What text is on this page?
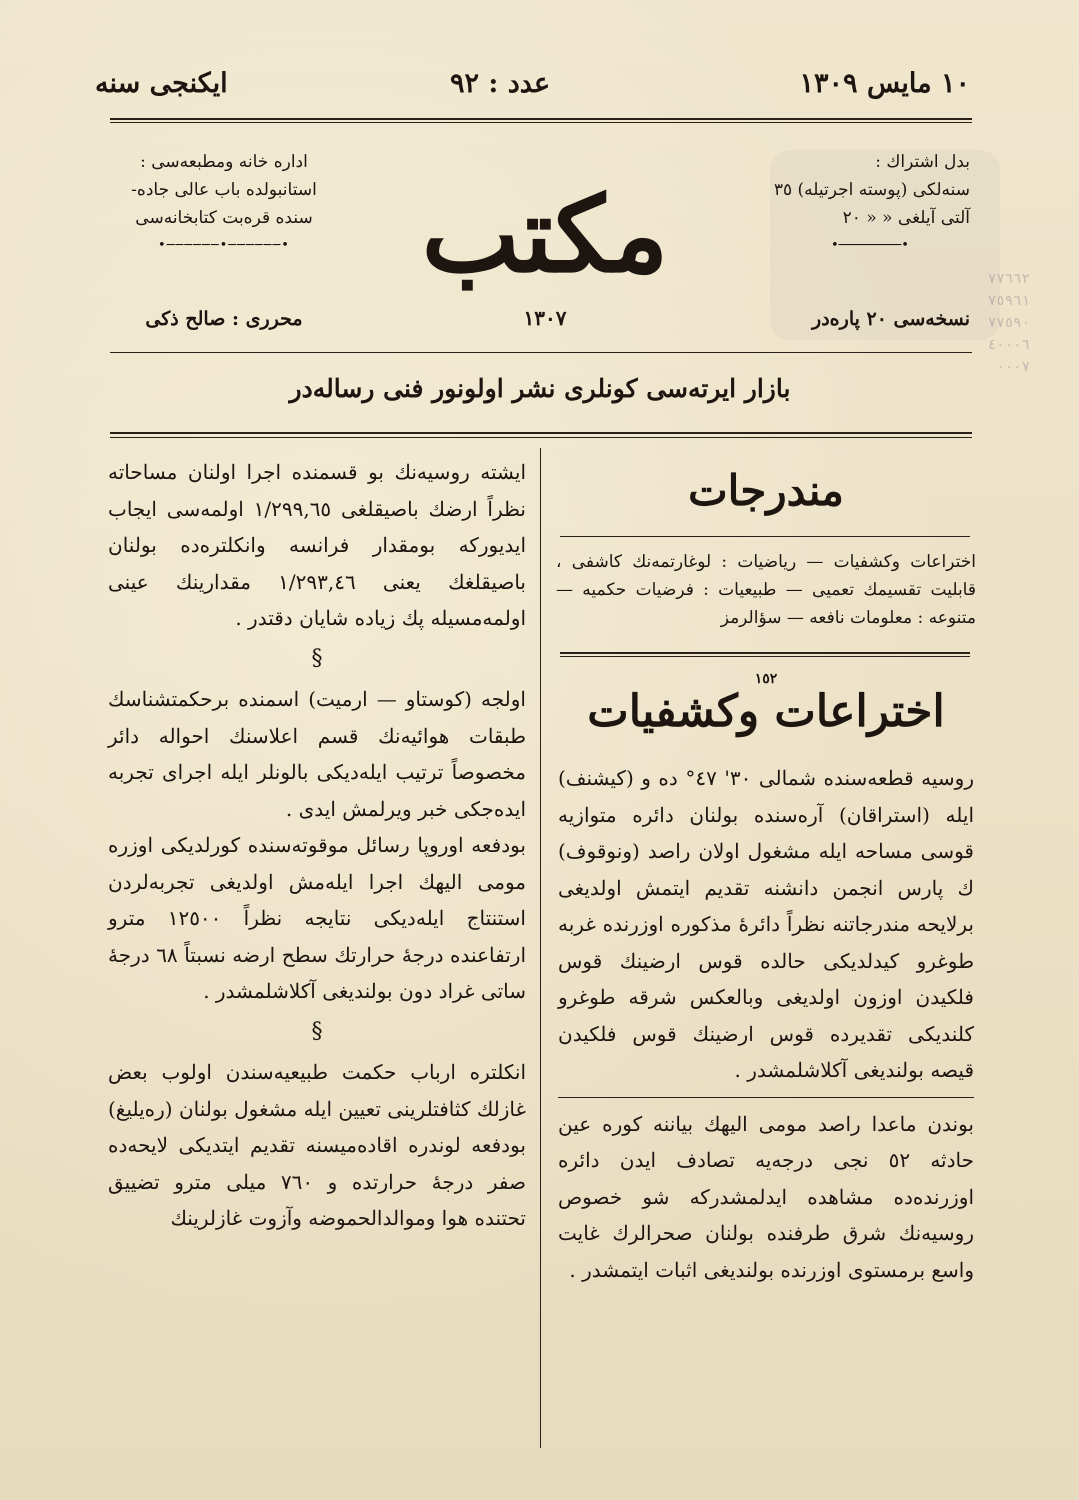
١٠ مايس ١٣٠٩
عدد : ٩٢
ايكنجى سنه
اداره خانه ومطبعه‌سى :
استانبولده باب عالى جاده-
سنده قره‌بت كتابخانه‌سى
•──────•──────•
محررى : صالح ذكى
بدل اشتراك :
سنه‌لكى (پوسته اجرتيله) ٣٥
آلتى آيلغى « « ٢٠
•────────•
نسخه‌سى ٢٠ پاره‌در
٧٧٦٦٢
٧٥٩٦١
٧٧٥٩٠
٤٠٠٠٦
٠٠٠٧
مكتب
١٣٠٧
بازار ايرته‌سى كونلرى نشر اولونور فنى رساله‌در
مندرجات
اختراعات وكشفيات — رياضيات : لوغارتمه‌نك كاشفى ، قابليت تقسيمك تعميى — طبيعيات : فرضيات حكميه — متنوعه : معلومات نافعه — سؤالرمز
١٥٢
اختراعات وكشفيات

روسيه قطعه‌سنده شمالى ٣٠' ٤٧° ده و (كيشنف) ايله (استراقان) آره‌سنده بولنان دائره متوازيه قوسى مساحه ايله مشغول اولان راصد (ونوقوف) ك پارس انجمن دانشنه تقديم ايتمش اولديغى برلايحه مندرجاتنه نظراً دائرهٔ مذكوره اوزرنده غربه طوغرو كيدلديكى حالده قوس ارضينك قوس فلكيدن اوزون اولديغى وبالعكس شرقه طوغرو كلنديكى تقديرده قوس ارضينك قوس فلكيدن قيصه بولنديغى آكلاشلمشدر .

بوندن ماعدا راصد مومى اليهك بياننه كوره عين حادثه ٥٢ نجى درجه‌يه تصادف ايدن دائره اوزرنده‌ده مشاهده ايدلمشدركه شو خصوص روسيه‌نك شرق طرفنده بولنان صحرالرك غايت واسع برمستوى اوزرنده بولنديغى اثبات ايتمشدر .

ايشته روسيه‌نك بو قسمنده اجرا اولنان مساحاته نظراً ارضك باصيقلغى ١/٢٩٩,٦٥ اولمه‌سى ايجاب ايديوركه بومقدار فرانسه وانكلتره‌ده بولنان باصيقلغك يعنى ١/٢٩٣,٤٦ مقدارينك عينى اولمه‌مسيله پك زياده شايان دقتدر .

§

اولجه (كوستاو — ارميت) اسمنده برحكمتشناسك طبقات هوائيه‌نك قسم اعلاسنك احواله دائر مخصوصاً ترتيب ايله‌ديكى بالونلر ايله اجراى تجربه ايده‌جكى خبر ويرلمش ايدى .

بودفعه اوروپا رسائل موقوته‌سنده كورلديكى اوزره مومى اليهك اجرا ايله‌مش اولديغى تجربه‌لردن استنتاج ايله‌ديكى نتايجه نظراً ١٢٥٠٠ مترو ارتفاعنده درجهٔ حرارتك سطح ارضه نسبتاً ٦٨ درجهٔ ساتى غراد دون بولنديغى آكلاشلمشدر .

§

انكلتره ارباب حكمت طبيعيه‌سندن اولوب بعض غازلك كثافتلرينى تعيين ايله مشغول بولنان (ره‌يليغ) بودفعه لوندره اقاده‌ميسنه تقديم ايتديكى لايحه‌ده صفر درجهٔ حرارتده و ٧٦٠ ميلى مترو تضييق تحتنده هوا وموالدالحموضه وآزوت غازلرينك
